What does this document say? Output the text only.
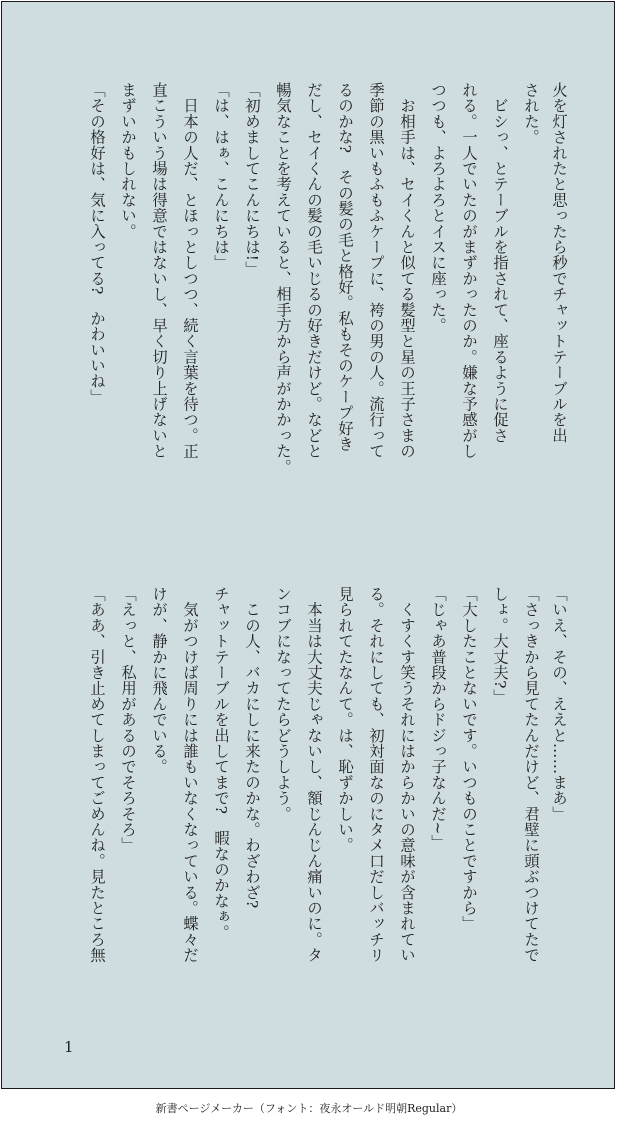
火を灯されたと思ったら秒でチャットテーブルを出
された。
　ビシっ、とテーブルを指されて、座るように促さ
れる。一人でいたのがまずかったのか。嫌な予感がし
つつも、よろよろとイスに座った。
　お相手は、セイくんと似てる髪型と星の王子さまの
季節の黒いもふもふケープに、袴の男の人。流行って
るのかな?　その髪の毛と格好。私もそのケープ好き
だし、セイくんの髪の毛いじるの好きだけど。などと
暢気なことを考えていると、相手方から声がかかった。
「初めましてこんにちは!」
「は、はぁ、こんにちは」
　日本の人だ、とほっとしつつ、続く言葉を待つ。正
直こういう場は得意ではないし、早く切り上げないと
まずいかもしれない。
「その格好は、気に入ってる?　かわいいね」
「いえ、その、ええと……まあ」
「さっきから見てたんだけど、君壁に頭ぶつけてたで
しょ。大丈夫?」
「大したことないです。いつものことですから」
「じゃあ普段からドジっ子なんだ~」
　くすくす笑うそれにはからかいの意味が含まれてい
る。それにしても、初対面なのにタメ口だしバッチリ
見られてたなんて。は、恥ずかしい。
　本当は大丈夫じゃないし、額じんじん痛いのに。タ
ンコブになってたらどうしよう。
　この人、バカにしに来たのかな。わざわざ?
チャットテーブルを出してまで?　暇なのかなぁ。
　気がつけば周りには誰もいなくなっている。蝶々だ
けが、静かに飛んでいる。
「えっと、私用があるのでそろそろ」
「ああ、引き止めてしまってごめんね。見たところ無
1
新書ページメーカー（フォント：夜永オールド明朝Regular）
